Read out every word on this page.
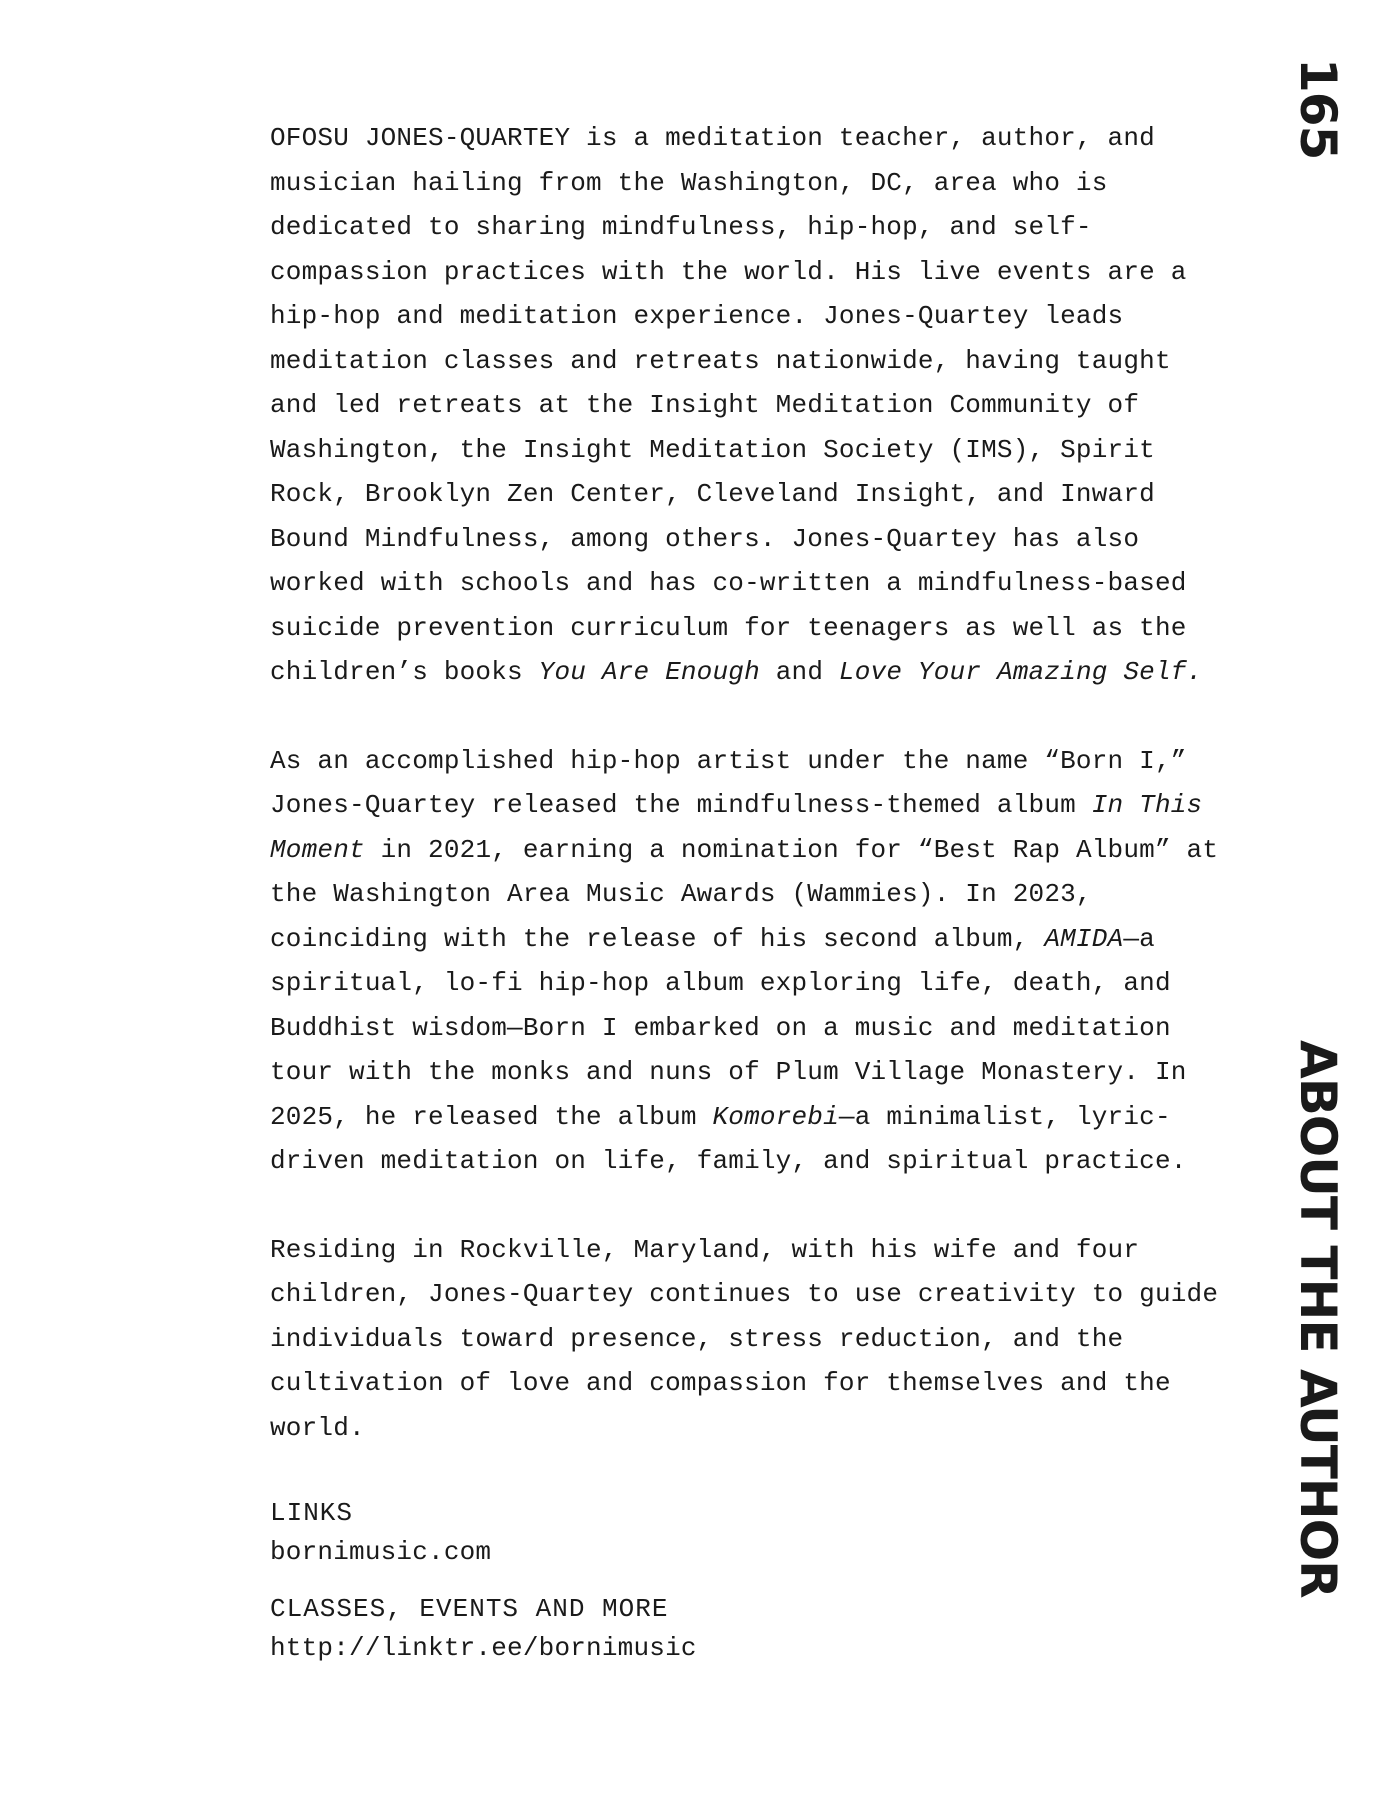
165
ABOUT THE AUTHOR

OFOSU JONES-QUARTEY is a meditation teacher, author, and musician hailing from the Washington, DC, area who is dedicated to sharing mindfulness, hip-hop, and self-compassion practices with the world. His live events are a hip-hop and meditation experience. Jones-Quartey leads meditation classes and retreats nationwide, having taught and led retreats at the Insight Meditation Community of Washington, the Insight Meditation Society (IMS), Spirit Rock, Brooklyn Zen Center, Cleveland Insight, and Inward Bound Mindfulness, among others. Jones-Quartey has also worked with schools and has co-written a mindfulness-based suicide prevention curriculum for teenagers as well as the children’s books You Are Enough and Love Your Amazing Self.

As an accomplished hip-hop artist under the name “Born I,” Jones-Quartey released the mindfulness-themed album In This Moment in 2021, earning a nomination for “Best Rap Album” at the Washington Area Music Awards (Wammies). In 2023, coinciding with the release of his second album, AMIDA—a spiritual, lo-fi hip-hop album exploring life, death, and Buddhist wisdom—Born I embarked on a music and meditation tour with the monks and nuns of Plum Village Monastery. In 2025, he released the album Komorebi—a minimalist, lyric-driven meditation on life, family, and spiritual practice.

Residing in Rockville, Maryland, with his wife and four children, Jones-Quartey continues to use creativity to guide individuals toward presence, stress reduction, and the cultivation of love and compassion for themselves and the world.

LINKS
bornimusic.com
CLASSES, EVENTS AND MORE
http://linktr.ee/bornimusic
